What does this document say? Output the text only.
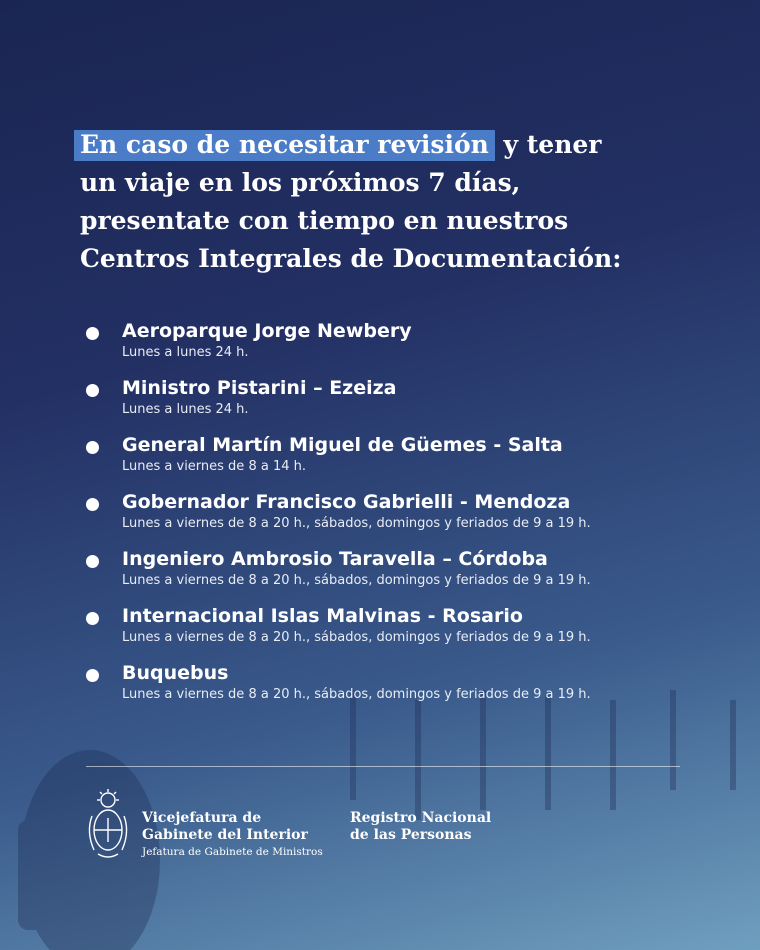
En caso de necesitar revisión y tener
un viaje en los próximos 7 días,
presentate con tiempo en nuestros
Centros Integrales de Documentación:
Aeroparque Jorge Newbery
Lunes a lunes 24 h.
Ministro Pistarini – Ezeiza
Lunes a lunes 24 h.
General Martín Miguel de Güemes - Salta
Lunes a viernes de 8 a 14 h.
Gobernador Francisco Gabrielli - Mendoza
Lunes a viernes de 8 a 20 h., sábados, domingos y feriados de 9 a 19 h.
Ingeniero Ambrosio Taravella – Córdoba
Lunes a viernes de 8 a 20 h., sábados, domingos y feriados de 9 a 19 h.
Internacional Islas Malvinas - Rosario
Lunes a viernes de 8 a 20 h., sábados, domingos y feriados de 9 a 19 h.
Buquebus
Lunes a viernes de 8 a 20 h., sábados, domingos y feriados de 9 a 19 h.
Vicejefatura de
Gabinete del Interior
Jefatura de Gabinete de Ministros
Registro Nacional
de las Personas
